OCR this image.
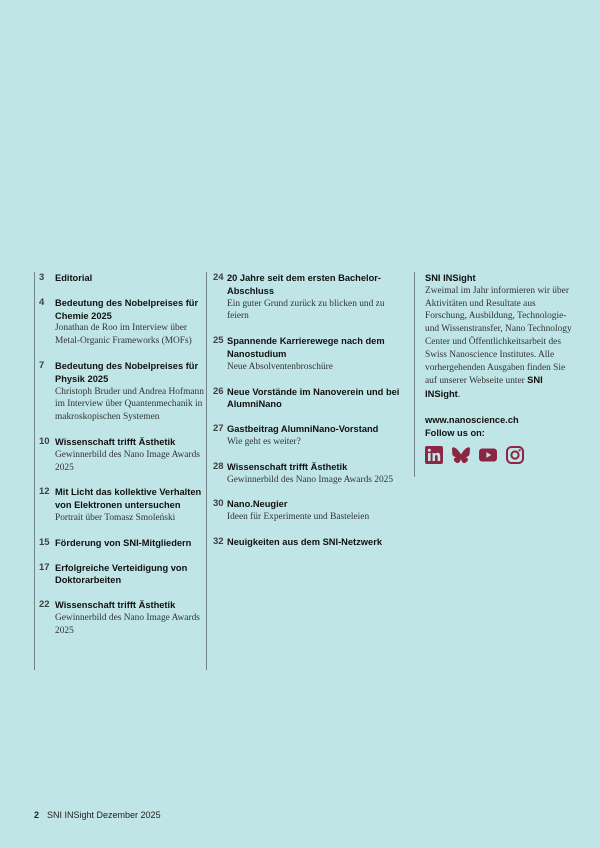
3 Editorial
4 Bedeutung des Nobelpreises für Chemie 2025
Jonathan de Roo im Interview über Metal-Organic Frameworks (MOFs)
7 Bedeutung des Nobelpreises für Physik 2025
Christoph Bruder und Andrea Hofmann im Interview über Quantenmechanik in makroskopischen Systemen
10 Wissenschaft trifft Ästhetik
Gewinnerbild des Nano Image Awards 2025
12 Mit Licht das kollektive Verhalten von Elektronen untersuchen
Portrait über Tomasz Smoleński
15 Förderung von SNI-Mitgliedern
17 Erfolgreiche Verteidigung von Doktorarbeiten
22 Wissenschaft trifft Ästhetik
Gewinnerbild des Nano Image Awards 2025
24 20 Jahre seit dem ersten Bachelor-Abschluss
Ein guter Grund zurück zu blicken und zu feiern
25 Spannende Karrierewege nach dem Nanostudium
Neue Absolventenbroschüre
26 Neue Vorstände im Nanoverein und bei AlumniNano
27 Gastbeitrag AlumniNano-Vorstand
Wie geht es weiter?
28 Wissenschaft trifft Ästhetik
Gewinnerbild des Nano Image Awards 2025
30 Nano.Neugier
Ideen für Experimente und Basteleien
32 Neuigkeiten aus dem SNI-Netzwerk
SNI INSight
Zweimal im Jahr informieren wir über Aktivitäten und Resultate aus Forschung, Ausbildung, Technologie- und Wissenstransfer, Nano Technology Center und Öffentlichkeitsarbeit des Swiss Nanoscience Institutes. Alle vorhergehenden Ausgaben finden Sie auf unserer Webseite unter SNI INSight.
www.nanoscience.ch
Follow us on:
2 SNI INSight Dezember 2025
